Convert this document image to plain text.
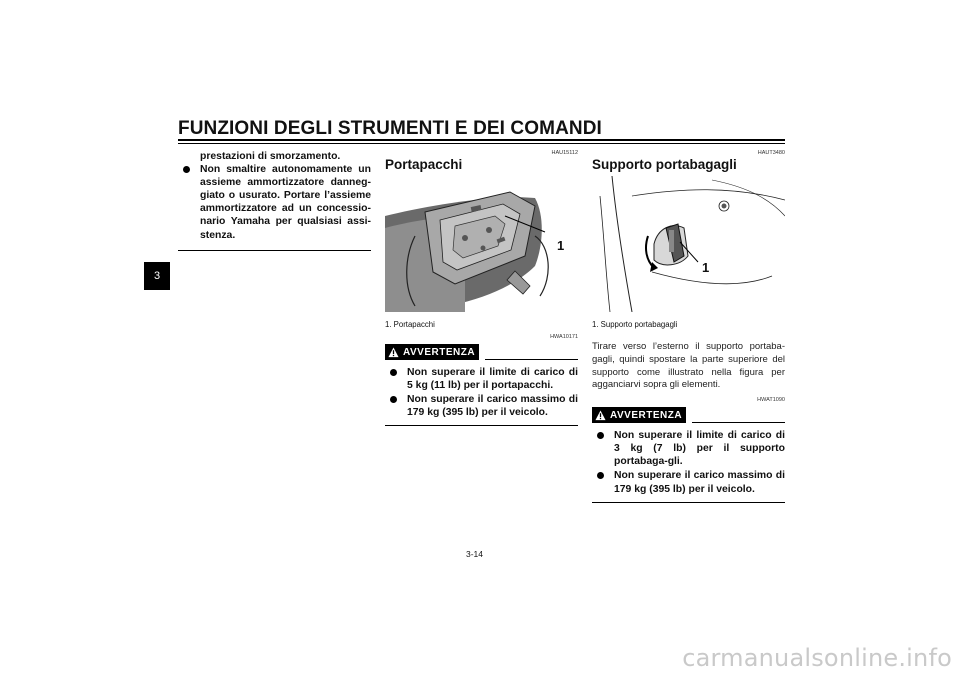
FUNZIONI DEGLI STRUMENTI E DEI COMANDI
3
prestazioni di smorzamento.
Non smaltire autonomamente un assieme ammortizzatore danneg-giato o usurato. Portare l’assieme ammortizzatore ad un concessio-nario Yamaha per qualsiasi assi-stenza.
HAU15112
Portapacchi
1
1. Portapacchi
HWA10171
AVVERTENZA
Non superare il limite di carico di 5 kg (11 lb) per il portapacchi.
Non superare il carico massimo di 179 kg (395 lb) per il veicolo.
HAUT3480
Supporto portabagagli
1
1. Supporto portabagagli
Tirare verso l’esterno il supporto portaba-gagli, quindi spostare la parte superiore del supporto come illustrato nella figura per agganciarvi sopra gli elementi.
HWAT1090
AVVERTENZA
Non superare il limite di carico di 3 kg (7 lb) per il supporto portabaga-gli.
Non superare il carico massimo di 179 kg (395 lb) per il veicolo.
3-14
carmanualsonline.info
